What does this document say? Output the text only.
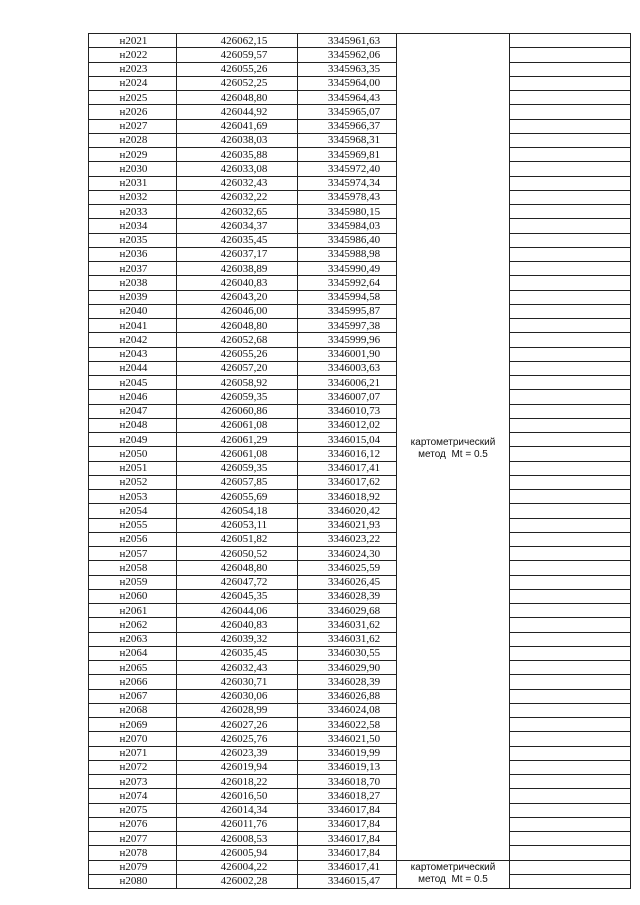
н2021	426062,15	3345961,63	картометрический
метод  Mt = 0.5	

н2022	426059,57	3345962,06		
н2023	426055,26	3345963,35		
н2024	426052,25	3345964,00		
н2025	426048,80	3345964,43		
н2026	426044,92	3345965,07		
н2027	426041,69	3345966,37		
н2028	426038,03	3345968,31		
н2029	426035,88	3345969,81		
н2030	426033,08	3345972,40		
н2031	426032,43	3345974,34		
н2032	426032,22	3345978,43		
н2033	426032,65	3345980,15		
н2034	426034,37	3345984,03		
н2035	426035,45	3345986,40		
н2036	426037,17	3345988,98		
н2037	426038,89	3345990,49		
н2038	426040,83	3345992,64		
н2039	426043,20	3345994,58		
н2040	426046,00	3345995,87		
н2041	426048,80	3345997,38		
н2042	426052,68	3345999,96		
н2043	426055,26	3346001,90		
н2044	426057,20	3346003,63		
н2045	426058,92	3346006,21		
н2046	426059,35	3346007,07		
н2047	426060,86	3346010,73		
н2048	426061,08	3346012,02		
н2049	426061,29	3346015,04		
н2050	426061,08	3346016,12		
н2051	426059,35	3346017,41		
н2052	426057,85	3346017,62		
н2053	426055,69	3346018,92		
н2054	426054,18	3346020,42		
н2055	426053,11	3346021,93		
н2056	426051,82	3346023,22		
н2057	426050,52	3346024,30		
н2058	426048,80	3346025,59		
н2059	426047,72	3346026,45		
н2060	426045,35	3346028,39		
н2061	426044,06	3346029,68		
н2062	426040,83	3346031,62		
н2063	426039,32	3346031,62		
н2064	426035,45	3346030,55		
н2065	426032,43	3346029,90		
н2066	426030,71	3346028,39		
н2067	426030,06	3346026,88		
н2068	426028,99	3346024,08		
н2069	426027,26	3346022,58		
н2070	426025,76	3346021,50		
н2071	426023,39	3346019,99		
н2072	426019,94	3346019,13		
н2073	426018,22	3346018,70		
н2074	426016,50	3346018,27		
н2075	426014,34	3346017,84		
н2076	426011,76	3346017,84		
н2077	426008,53	3346017,84		
н2078	426005,94	3346017,84		
н2079	426004,22	3346017,41	картометрический
метод  Mt = 0.5	

н2080	426002,28	3346015,47		
